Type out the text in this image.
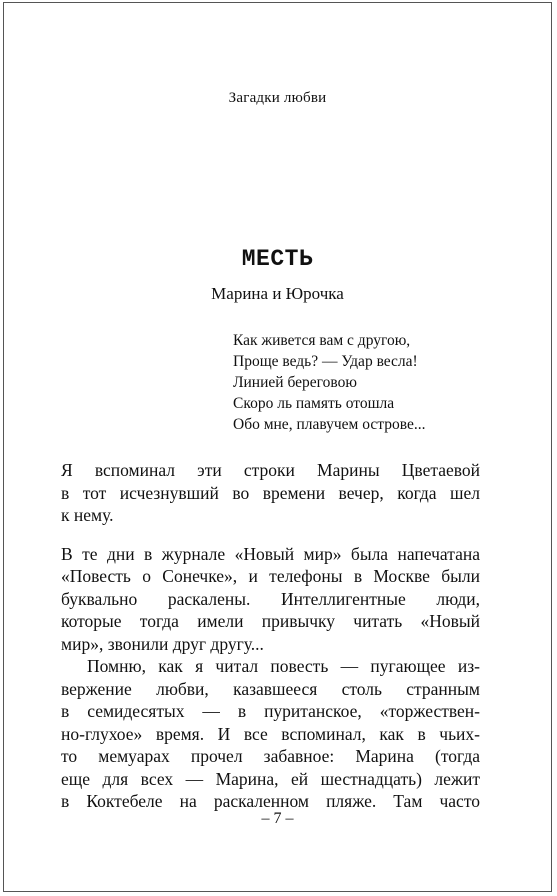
Загадки любви
МЕСТЬ
Марина и Юрочка
Как живется вам с другою,
Проще ведь? — Удар весла!
Линией береговою
Скоро ль память отошла
Обо мне, плавучем острове...
Я вспоминал эти строки Марины Цветаевой
в тот исчезнувший во времени вечер, когда шел
к нему.
В те дни в журнале «Новый мир» была напечатана
«Повесть о Сонечке», и телефоны в Москве были
буквально раскалены. Интеллигентные люди,
которые тогда имели привычку читать «Новый
мир», звонили друг другу...
Помню, как я читал повесть — пугающее из-
вержение любви, казавшееся столь странным
в семидесятых — в пуританское, «торжествен-
но-глухое» время. И все вспоминал, как в чьих-
то мемуарах прочел забавное: Марина (тогда
еще для всех — Марина, ей шестнадцать) лежит
в Коктебеле на раскаленном пляже. Там часто
– 7 –
